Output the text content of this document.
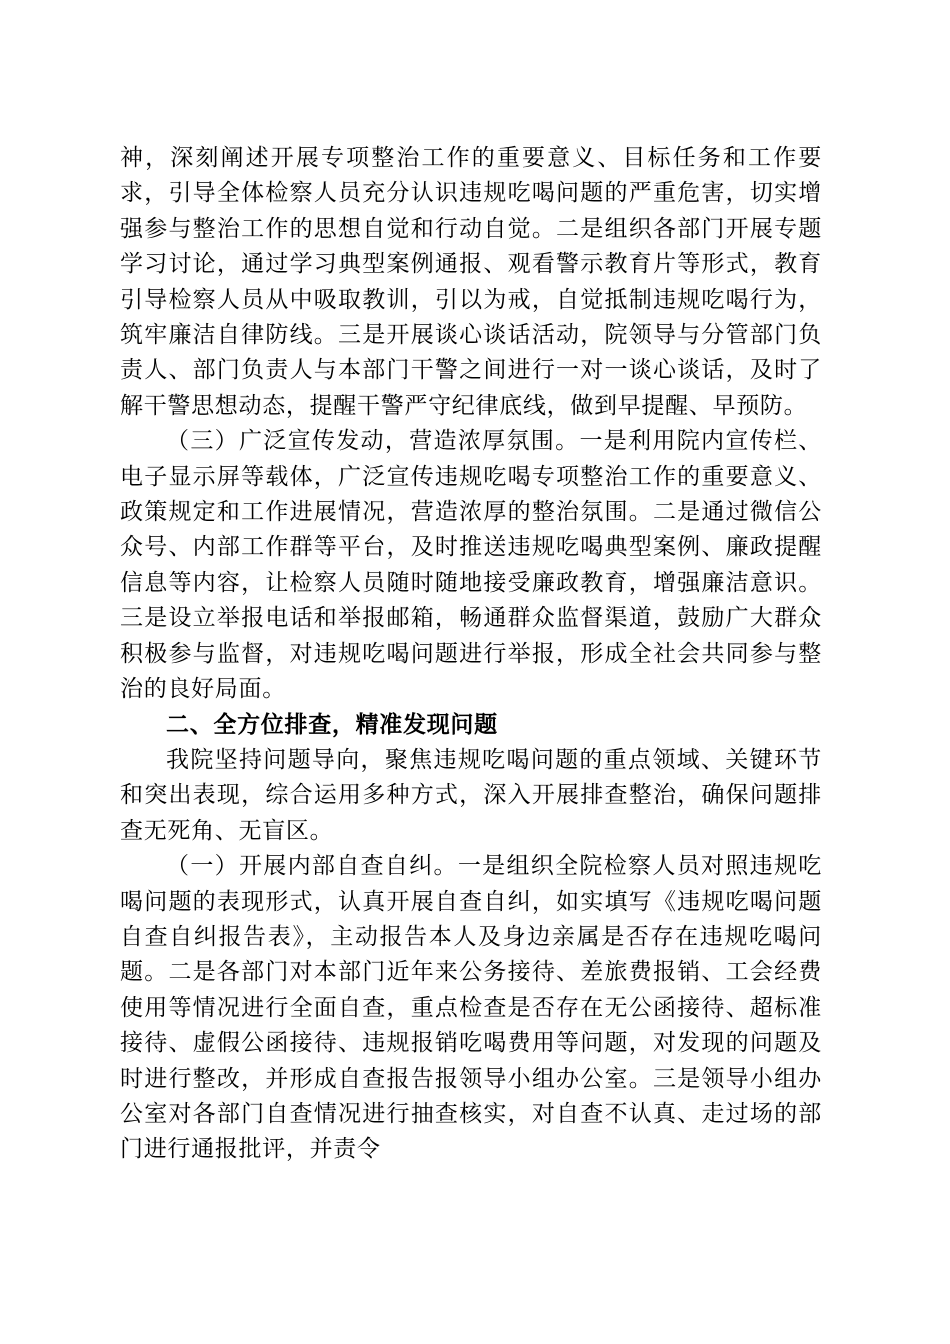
神，深刻阐述开展专项整治工作的重要意义、目标任务和工作要求，引导全体检察人员充分认识违规吃喝问题的严重危害，切实增强参与整治工作的思想自觉和行动自觉。二是组织各部门开展专题学习讨论，通过学习典型案例通报、观看警示教育片等形式，教育引导检察人员从中吸取教训，引以为戒，自觉抵制违规吃喝行为，筑牢廉洁自律防线。三是开展谈心谈话活动，院领导与分管部门负责人、部门负责人与本部门干警之间进行一对一谈心谈话，及时了解干警思想动态，提醒干警严守纪律底线，做到早提醒、早预防。

（三）广泛宣传发动，营造浓厚氛围。一是利用院内宣传栏、电子显示屏等载体，广泛宣传违规吃喝专项整治工作的重要意义、政策规定和工作进展情况，营造浓厚的整治氛围。二是通过微信公众号、内部工作群等平台，及时推送违规吃喝典型案例、廉政提醒信息等内容，让检察人员随时随地接受廉政教育，增强廉洁意识。三是设立举报电话和举报邮箱，畅通群众监督渠道，鼓励广大群众积极参与监督，对违规吃喝问题进行举报，形成全社会共同参与整治的良好局面。

二、全方位排查，精准发现问题

我院坚持问题导向，聚焦违规吃喝问题的重点领域、关键环节和突出表现，综合运用多种方式，深入开展排查整治，确保问题排查无死角、无盲区。

（一）开展内部自查自纠。一是组织全院检察人员对照违规吃喝问题的表现形式，认真开展自查自纠，如实填写《违规吃喝问题自查自纠报告表》，主动报告本人及身边亲属是否存在违规吃喝问题。二是各部门对本部门近年来公务接待、差旅费报销、工会经费使用等情况进行全面自查，重点检查是否存在无公函接待、超标准接待、虚假公函接待、违规报销吃喝费用等问题，对发现的问题及时进行整改，并形成自查报告报领导小组办公室。三是领导小组办公室对各部门自查情况进行抽查核实，对自查不认真、走过场的部门进行通报批评，并责令
